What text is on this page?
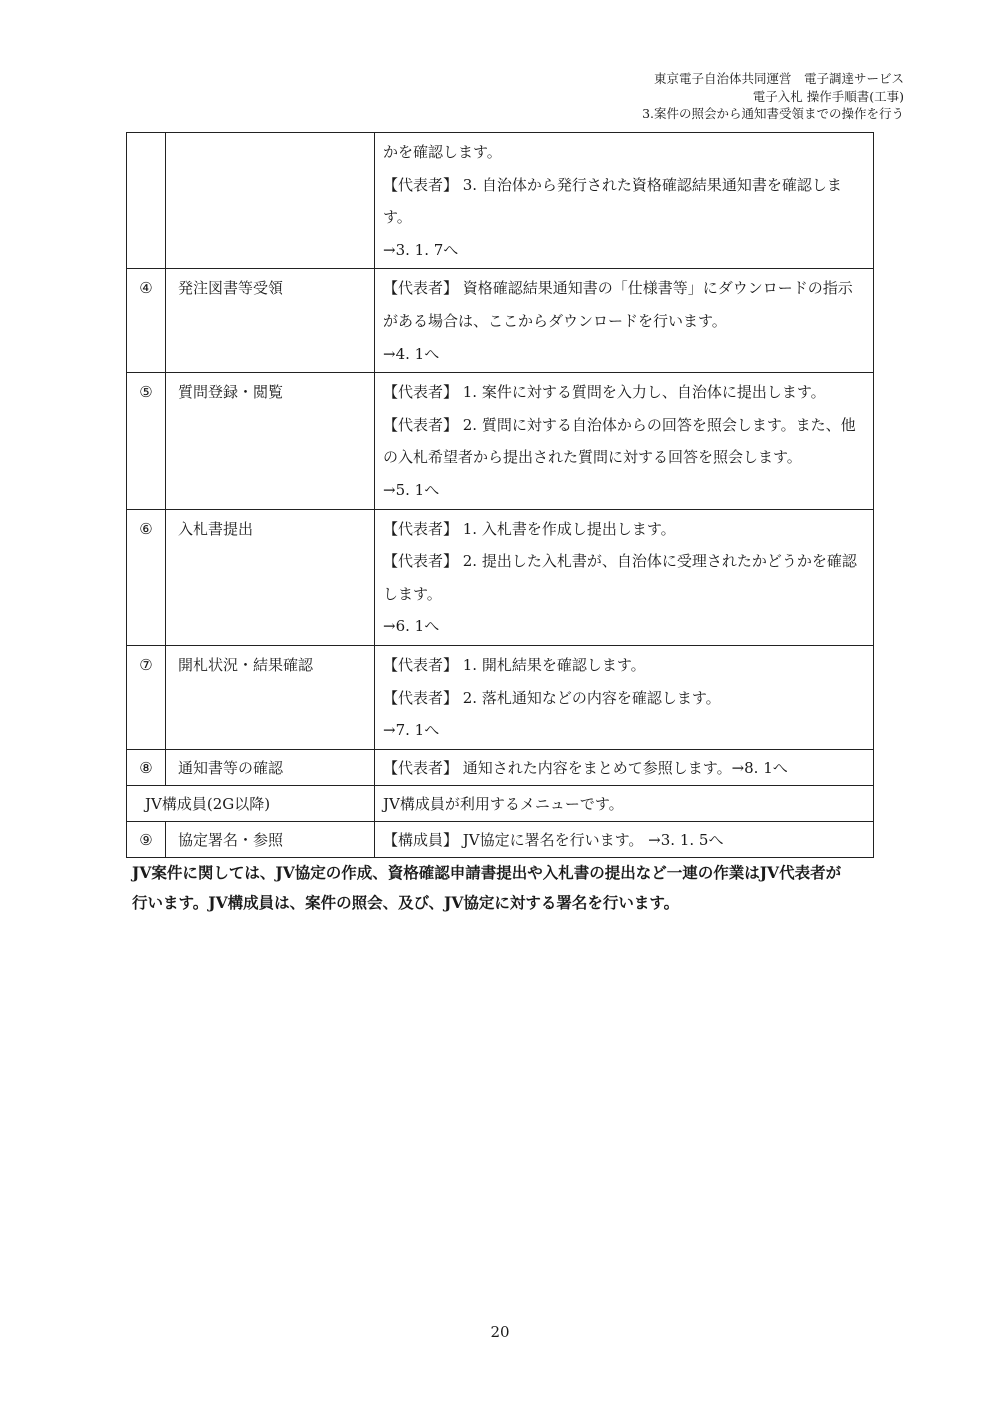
東京電子自治体共同運営　電子調達サービス
電子入札 操作手順書(工事)
3.案件の照会から通知書受領までの操作を行う

		かを確認します。
【代表者】 3. 自治体から発行された資格確認結果通知書を確認しま
す。
→3. 1. 7へ

④	発注図書等受領	【代表者】 資格確認結果通知書の「仕様書等」にダウンロードの指示
がある場合は、ここからダウンロードを行います。
→4. 1へ

⑤	質問登録・閲覧	【代表者】 1. 案件に対する質問を入力し、自治体に提出します。
【代表者】 2. 質問に対する自治体からの回答を照会します。また、他
の入札希望者から提出された質問に対する回答を照会します。
→5. 1へ

⑥	入札書提出	【代表者】 1. 入札書を作成し提出します。
【代表者】 2. 提出した入札書が、自治体に受理されたかどうかを確認
します。
→6. 1へ

⑦	開札状況・結果確認	【代表者】 1. 開札結果を確認します。
【代表者】 2. 落札通知などの内容を確認します。
→7. 1へ

⑧	通知書等の確認	【代表者】 通知された内容をまとめて参照します。→8. 1へ

JV構成員(2G以降)		JV構成員が利用するメニューです。

⑨	協定署名・参照	【構成員】 JV協定に署名を行います。 →3. 1. 5へ

JV案件に関しては、JV協定の作成、資格確認申請書提出や入札書の提出など一連の作業はJV代表者が

行います。JV構成員は、案件の照会、及び、JV協定に対する署名を行います。

20
